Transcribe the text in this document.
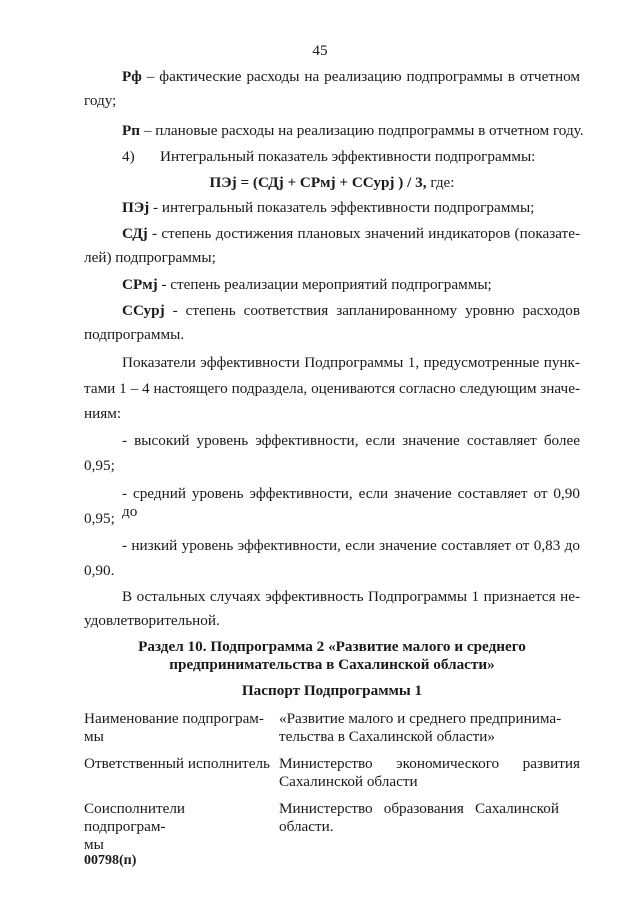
45
Рф – фактические расходы на реализацию подпрограммы в отчетном
году;
Рп – плановые расходы на реализацию подпрограммы в отчетном году.
4) Интегральный показатель эффективности подпрограммы:
ПЭj = (СДj + СРмj + ССурj ) / 3, где:
ПЭj - интегральный показатель эффективности подпрограммы;
СДj - степень достижения плановых значений индикаторов (показате-
лей) подпрограммы;
СРмj - степень реализации мероприятий подпрограммы;
ССурj - степень соответствия запланированному уровню расходов
подпрограммы.
Показатели эффективности Подпрограммы 1, предусмотренные пунк-
тами 1 – 4 настоящего подраздела, оцениваются согласно следующим значе-
ниям:
- высокий уровень эффективности, если значение составляет более
0,95;
- средний уровень эффективности, если значение составляет от 0,90 до
0,95;
- низкий уровень эффективности, если значение составляет от 0,83 до
0,90.
В остальных случаях эффективность Подпрограммы 1 признается не-
удовлетворительной.
Раздел 10. Подпрограмма 2 «Развитие малого и среднего
предпринимательства в Сахалинской области»
Паспорт Подпрограммы 1
Наименование подпрограм-
мы
«Развитие малого и среднего предпринима-
тельства в Сахалинской области»
Ответственный исполнитель Министерство экономического развития
Сахалинской области
Соисполнители подпрограм-
мы
Министерство образования Сахалинской
области.
00798(п)
